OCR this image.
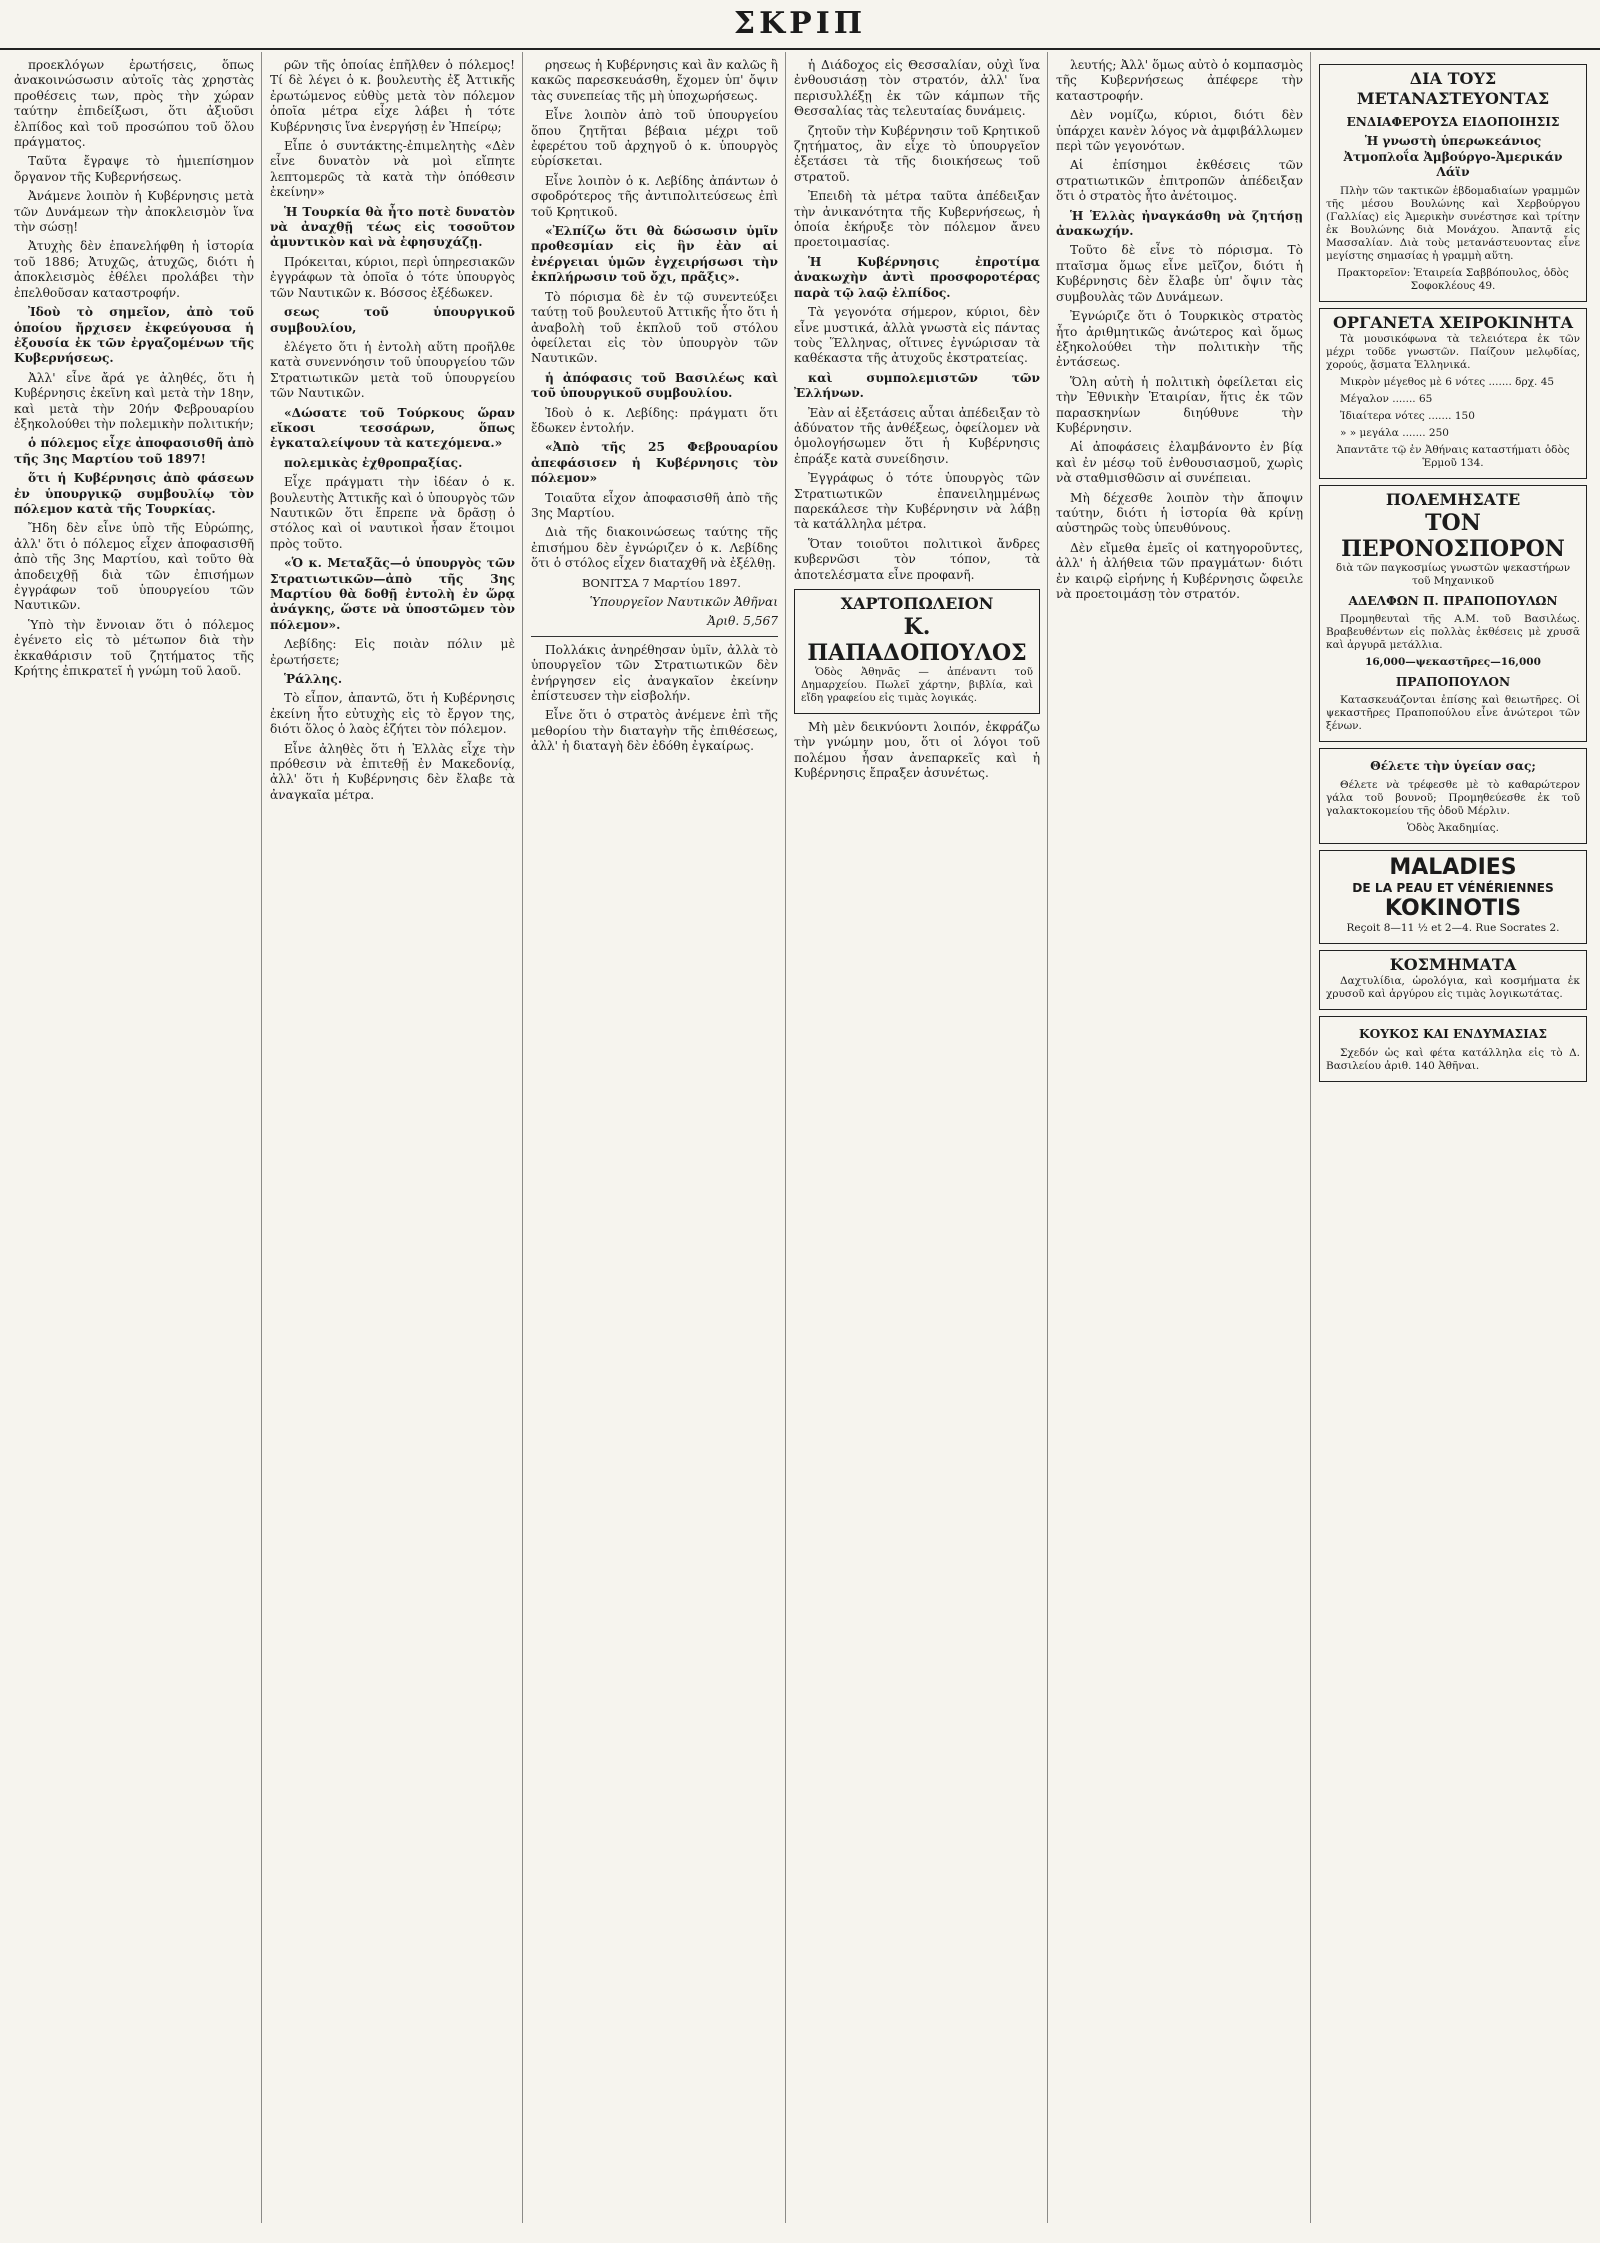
ΣΚΡΙΠ

προεκλόγων ἐρωτήσεις, ὅπως ἀνακοινώσωσιν αὐτοῖς τὰς χρηστὰς προθέσεις των, πρὸς τὴν χώραν ταύτην ἐπιδείξωσι, ὅτι ἀξιοῦσι ἐλπίδος καὶ τοῦ προσώπου τοῦ ὅλου πράγματος.

Ταῦτα ἔγραψε τὸ ἡμιεπίσημον ὄργανον τῆς Κυβερνήσεως.

Ἀνάμενε λοιπὸν ἡ Κυβέρνησις μετὰ τῶν Δυνάμεων τὴν ἀποκλεισμὸν ἵνα τὴν σώσῃ!

Ἀτυχὴς δὲν ἐπανελήφθη ἡ ἱστορία τοῦ 1886; Ἀτυχῶς, ἀτυχῶς, διότι ἡ ἀποκλεισμὸς ἐθέλει προλάβει τὴν ἐπελθοῦσαν καταστροφήν.

Ἰδοὺ τὸ σημεῖον, ἀπὸ τοῦ ὁποίου ἤρχισεν ἐκφεύγουσα ἡ ἐξουσία ἐκ τῶν ἐργαζομένων τῆς Κυβερνήσεως.

Ἀλλ' εἶνε ἄρά γε ἀληθές, ὅτι ἡ Κυβέρνησις ἐκεῖνη καὶ μετὰ τὴν 18ην, καὶ μετὰ τὴν 20ήν Φεβρουαρίου ἐξηκολούθει τὴν πολεμικὴν πολιτικήν;

ὁ πόλεμος εἶχε ἀποφασισθῆ ἀπὸ τῆς 3ης Μαρτίου τοῦ 1897!

ὅτι ἡ Κυβέρνησις ἀπὸ φάσεων ἐν ὑπουργικῷ συμβουλίῳ τὸν πόλεμον κατὰ τῆς Τουρκίας.

Ἤδη δὲν εἶνε ὑπὸ τῆς Εὐρώπης, ἀλλ' ὅτι ὁ πόλεμος εἶχεν ἀποφασισθῆ ἀπὸ τῆς 3ης Μαρτίου, καὶ τοῦτο θὰ ἀποδειχθῇ διὰ τῶν ἐπισήμων ἐγγράφων τοῦ ὑπουργείου τῶν Ναυτικῶν.

Ὑπὸ τὴν ἔννοιαν ὅτι ὁ πόλεμος ἐγένετο εἰς τὸ μέτωπον διὰ τὴν ἐκκαθάρισιν τοῦ ζητήματος τῆς Κρήτης ἐπικρατεῖ ἡ γνώμη τοῦ λαοῦ.

ρῶν τῆς ὁποίας ἐπῆλθεν ὁ πόλεμος! Τί δὲ λέγει ὁ κ. βουλευτὴς ἐξ Ἀττικῆς ἐρωτώμενος εὐθὺς μετὰ τὸν πόλεμον ὁποῖα μέτρα εἶχε λάβει ἡ τότε Κυβέρνησις ἵνα ἐνεργήσῃ ἐν Ἠπείρῳ;

Εἶπε ὁ συντάκτης-ἐπιμελητὴς «Δὲν εἶνε δυνατὸν νὰ μοὶ εἴπητε λεπτομερῶς τὰ κατὰ τὴν ὁπόθεσιν ἐκείνην»

Ἡ Τουρκία θὰ ἦτο ποτὲ δυνατὸν νὰ ἀναχθῇ τέως εἰς τοσοῦτον ἀμυντικὸν καὶ νὰ ἐφησυχάζῃ.

Πρόκειται, κύριοι, περὶ ὑπηρεσιακῶν ἐγγράφων τὰ ὁποῖα ὁ τότε ὑπουργὸς τῶν Ναυτικῶν κ. Βόσσος ἐξέδωκεν.

σεως τοῦ ὑπουργικοῦ συμβουλίου,

ἐλέγετο ὅτι ἡ ἐντολὴ αὕτη προῆλθε κατὰ συνεννόησιν τοῦ ὑπουργείου τῶν Στρατιωτικῶν μετὰ τοῦ ὑπουργείου τῶν Ναυτικῶν.

«Δώσατε τοῦ Τούρκους ὥραν εἴκοσι τεσσάρων, ὅπως ἐγκαταλείψουν τὰ κατεχόμενα.»

πολεμικὰς ἐχθροπραξίας.

Εἶχε πράγματι τὴν ἰδέαν ὁ κ. βουλευτὴς Ἀττικῆς καὶ ὁ ὑπουργὸς τῶν Ναυτικῶν ὅτι ἔπρεπε νὰ δρᾶσῃ ὁ στόλος καὶ οἱ ναυτικοὶ ἦσαν ἕτοιμοι πρὸς τοῦτο.

«Ὁ κ. Μεταξᾶς—ὁ ὑπουργὸς τῶν Στρατιωτικῶν—ἀπὸ τῆς 3ης Μαρτίου θὰ δοθῇ ἐντολὴ ἐν ὥρᾳ ἀνάγκης, ὥστε νὰ ὑποστῶμεν τὸν πόλεμον».

Λεβίδης: Εἰς ποιὰν πόλιν μὲ ἐρωτήσετε;

Ῥάλλης.

Τὸ εἶπον, ἀπαντῶ, ὅτι ἡ Κυβέρνησις ἐκείνη ἦτο εὐτυχὴς εἰς τὸ ἔργον της, διότι ὅλος ὁ λαὸς ἐζήτει τὸν πόλεμον.

Εἶνε ἀληθὲς ὅτι ἡ Ἑλλὰς εἶχε τὴν πρόθεσιν νὰ ἐπιτεθῇ ἐν Μακεδονίᾳ, ἀλλ' ὅτι ἡ Κυβέρνησις δὲν ἔλαβε τὰ ἀναγκαῖα μέτρα.

ρησεως ἡ Κυβέρνησις καὶ ἂν καλῶς ἢ κακῶς παρεσκευάσθη, ἔχομεν ὑπ' ὄψιν τὰς συνεπείας τῆς μὴ ὑποχωρήσεως.

Εἶνε λοιπὸν ἀπὸ τοῦ ὑπουργείου ὅπου ζητῆται βέβαια μέχρι τοῦ ἐφερέτου τοῦ ἀρχηγοῦ ὁ κ. ὑπουργὸς εὑρίσκεται.

Εἶνε λοιπὸν ὁ κ. Λεβίδης ἀπάντων ὁ σφοδρότερος τῆς ἀντιπολιτεύσεως ἐπὶ τοῦ Κρητικοῦ.

«Ἐλπίζω ὅτι θὰ δώσωσιν ὑμῖν προθεσμίαν εἰς ἣν ἐὰν αἱ ἐνέργειαι ὑμῶν ἐγχειρήσωσι τὴν ἐκπλήρωσιν τοῦ ὄχι, πρᾶξις».

Τὸ πόρισμα δὲ ἐν τῷ συνεντεύξει ταύτῃ τοῦ βουλευτοῦ Ἀττικῆς ἦτο ὅτι ἡ ἀναβολὴ τοῦ ἐκπλοῦ τοῦ στόλου ὀφείλεται εἰς τὸν ὑπουργὸν τῶν Ναυτικῶν.

ἡ ἀπόφασις τοῦ Βασιλέως καὶ τοῦ ὑπουργικοῦ συμβουλίου.

Ἰδοὺ ὁ κ. Λεβίδης: πράγματι ὅτι ἔδωκεν ἐντολήν.

«Ἀπὸ τῆς 25 Φεβρουαρίου ἀπεφάσισεν ἡ Κυβέρνησις τὸν πόλεμον»

Τοιαῦτα εἶχον ἀποφασισθῆ ἀπὸ τῆς 3ης Μαρτίου.

Διὰ τῆς διακοινώσεως ταύτης τῆς ἐπισήμου δὲν ἐγνώριζεν ὁ κ. Λεβίδης ὅτι ὁ στόλος εἶχεν διαταχθῆ νὰ ἐξέλθῃ.

ΒΟΝΙΤΣΑ 7 Μαρτίου 1897.

Ὑπουργεῖον Ναυτικῶν Ἀθῆναι

Ἀριθ. 5,567

Πολλάκις ἀνηρέθησαν ὑμῖν, ἀλλὰ τὸ ὑπουργεῖον τῶν Στρατιωτικῶν δὲν ἐνήργησεν εἰς ἀναγκαῖον ἐκείνην ἐπίστευσεν τὴν εἰσβολήν.

Εἶνε ὅτι ὁ στρατὸς ἀνέμενε ἐπὶ τῆς μεθορίου τὴν διαταγὴν τῆς ἐπιθέσεως, ἀλλ' ἡ διαταγὴ δὲν ἐδόθη ἐγκαίρως.

ἡ Διάδοχος εἰς Θεσσαλίαν, οὐχὶ ἵνα ἐνθουσιάσῃ τὸν στρατόν, ἀλλ' ἵνα περισυλλέξῃ ἐκ τῶν κάμπων τῆς Θεσσαλίας τὰς τελευταίας δυνάμεις.

ζητοῦν τὴν Κυβέρνησιν τοῦ Κρητικοῦ ζητήματος, ἂν εἶχε τὸ ὑπουργεῖον ἐξετάσει τὰ τῆς διοικήσεως τοῦ στρατοῦ.

Ἐπειδὴ τὰ μέτρα ταῦτα ἀπέδειξαν τὴν ἀνικανότητα τῆς Κυβερνήσεως, ἡ ὁποία ἐκήρυξε τὸν πόλεμον ἄνευ προετοιμασίας.

Ἡ Κυβέρνησις ἐπροτίμα ἀνακωχὴν ἀντὶ προσφοροτέρας παρὰ τῷ λαῷ ἐλπίδος.

Τὰ γεγονότα σήμερον, κύριοι, δὲν εἶνε μυστικά, ἀλλὰ γνωστὰ εἰς πάντας τοὺς Ἕλληνας, οἵτινες ἐγνώρισαν τὰ καθέκαστα τῆς ἀτυχοῦς ἐκστρατείας.

καὶ συμπολεμιστῶν τῶν Ἐλλήνων.

Ἐὰν αἱ ἐξετάσεις αὗται ἀπέδειξαν τὸ ἀδύνατον τῆς ἀνθέξεως, ὀφείλομεν νὰ ὁμολογήσωμεν ὅτι ἡ Κυβέρνησις ἐπράξε κατὰ συνείδησιν.

Ἐγγράφως ὁ τότε ὑπουργὸς τῶν Στρατιωτικῶν ἐπανειλημμένως παρεκάλεσε τὴν Κυβέρνησιν νὰ λάβῃ τὰ κατάλληλα μέτρα.

Ὅταν τοιοῦτοι πολιτικοὶ ἄνδρες κυβερνῶσι τὸν τόπον, τὰ ἀποτελέσματα εἶνε προφανῆ.

ΧΑΡΤΟΠΩΛΕΙΟΝ
Κ. ΠΑΠΑΔΟΠΟΥΛΟΣ

Ὁδὸς Ἀθηνᾶς — ἀπέναντι τοῦ Δημαρχείου. Πωλεῖ χάρτην, βιβλία, καὶ εἴδη γραφείου εἰς τιμὰς λογικάς.

Μὴ μὲν δεικνύοντι λοιπόν, ἐκφράζω τὴν γνώμην μου, ὅτι οἱ λόγοι τοῦ πολέμου ἦσαν ἀνεπαρκεῖς καὶ ἡ Κυβέρνησις ἔπραξεν ἀσυνέτως.

λευτής; Ἀλλ' ὅμως αὐτὸ ὁ κομπασμὸς τῆς Κυβερνήσεως ἀπέφερε τὴν καταστροφήν.

Δὲν νομίζω, κύριοι, διότι δὲν ὑπάρχει κανὲν λόγος νὰ ἀμφιβάλλωμεν περὶ τῶν γεγονότων.

Αἱ ἐπίσημοι ἐκθέσεις τῶν στρατιωτικῶν ἐπιτροπῶν ἀπέδειξαν ὅτι ὁ στρατὸς ἦτο ἀνέτοιμος.

Ἡ Ἑλλὰς ἠναγκάσθη νὰ ζητήσῃ ἀνακωχήν.

Τοῦτο δὲ εἶνε τὸ πόρισμα. Τὸ πταῖσμα ὅμως εἶνε μεῖζον, διότι ἡ Κυβέρνησις δὲν ἔλαβε ὑπ' ὄψιν τὰς συμβουλὰς τῶν Δυνάμεων.

Ἐγνώριζε ὅτι ὁ Τουρκικὸς στρατὸς ἦτο ἀριθμητικῶς ἀνώτερος καὶ ὅμως ἐξηκολούθει τὴν πολιτικὴν τῆς ἐντάσεως.

Ὅλη αὐτὴ ἡ πολιτικὴ ὀφείλεται εἰς τὴν Ἐθνικὴν Ἑταιρίαν, ἥτις ἐκ τῶν παρασκηνίων διηύθυνε τὴν Κυβέρνησιν.

Αἱ ἀποφάσεις ἐλαμβάνοντο ἐν βίᾳ καὶ ἐν μέσῳ τοῦ ἐνθουσιασμοῦ, χωρὶς νὰ σταθμισθῶσιν αἱ συνέπειαι.

Μὴ δέχεσθε λοιπὸν τὴν ἄποψιν ταύτην, διότι ἡ ἱστορία θὰ κρίνῃ αὐστηρῶς τοὺς ὑπευθύνους.

Δὲν εἴμεθα ἐμεῖς οἱ κατηγοροῦντες, ἀλλ' ἡ ἀλήθεια τῶν πραγμάτων· διότι ἐν καιρῷ εἰρήνης ἡ Κυβέρνησις ὤφειλε νὰ προετοιμάσῃ τὸν στρατόν.

ΔΙΑ ΤΟΥΣ ΜΕΤΑΝΑΣΤΕΥΟΝΤΑΣ
ΕΝΔΙΑΦΕΡΟΥΣΑ ΕΙΔΟΠΟΙΗΣΙΣ

Ἡ γνωστὴ ὑπερωκεάνιος Ἀτμοπλοΐα Ἀμβούργο-Ἀμερικάν Λάϊν

Πλὴν τῶν τακτικῶν ἑβδομαδιαίων γραμμῶν τῆς μέσου Βουλώνης καὶ Χερβούργου (Γαλλίας) εἰς Ἀμερικὴν συνέστησε καὶ τρίτην ἐκ Βουλώνης διὰ Μονάχου. Ἀπαντᾷ εἰς Μασσαλίαν. Διὰ τοὺς μετανάστευοντας εἶνε μεγίστης σημασίας ἡ γραμμὴ αὕτη.

Πρακτορεῖον: Ἐταιρεία Σαββόπουλος, ὁδὸς Σοφοκλέους 49.

ΟΡΓΑΝΕΤΑ ΧΕΙΡΟΚΙΝΗΤΑ

Τὰ μουσικόφωνα τὰ τελειότερα ἐκ τῶν μέχρι τοῦδε γνωστῶν. Παίζουν μελῳδίας, χορούς, ᾄσματα Ἑλληνικά.

Μικρὸν μέγεθος μὲ 6 νότες ....... δρχ. 45

Μέγαλον ....... 65

Ἰδιαίτερα νότες ....... 150

» » μεγάλα ....... 250

Ἀπαντᾶτε τῷ ἐν Ἀθήναις καταστήματι ὁδὸς Ἑρμοῦ 134.

ΠΟΛΕΜΗΣΑΤΕ
ΤΟΝ ΠΕΡΟΝΟΣΠΟΡΟΝ

διὰ τῶν παγκοσμίως γνωστῶν ψεκαστήρων τοῦ Μηχανικοῦ

ΑΔΕΛΦΩΝ Π. ΠΡΑΠΟΠΟΥΛΩΝ

Προμηθευταὶ τῆς Α.Μ. τοῦ Βασιλέως. Βραβευθέντων εἰς πολλὰς ἐκθέσεις μὲ χρυσᾶ καὶ ἀργυρᾶ μετάλλια.

16,000—ψεκαστῆρες—16,000

ΠΡΑΠΟΠΟΥΛΟΝ

Κατασκευάζονται ἐπίσης καὶ θειωτῆρες. Οἱ ψεκαστῆρες Πραποπούλου εἶνε ἀνώτεροι τῶν ξένων.

Θέλετε τὴν ὑγείαν σας;

Θέλετε νὰ τρέφεσθε μὲ τὸ καθαρώτερον γάλα τοῦ βουνοῦ; Προμηθεύεσθε ἐκ τοῦ γαλακτοκομείου τῆς ὁδοῦ Μέρλιν.

Ὁδὸς Ἀκαδημίας.

MALADIES
DE LA PEAU ET VÉNÉRIENNES
KOKINOTIS

Reçoit 8—11 ½ et 2—4. Rue Socrates 2.

ΚΟΣΜΗΜΑΤΑ

Δαχτυλίδια, ὡρολόγια, καὶ κοσμήματα ἐκ χρυσοῦ καὶ ἀργύρου εἰς τιμὰς λογικωτάτας.

ΚΟΥΚΟΣ ΚΑΙ ΕΝΔΥΜΑΣΙΑΣ

Σχεδόν ὡς καὶ φέτα κατάλληλα εἰς τὸ Δ. Βασιλείου ἀριθ. 140 Ἀθῆναι.
